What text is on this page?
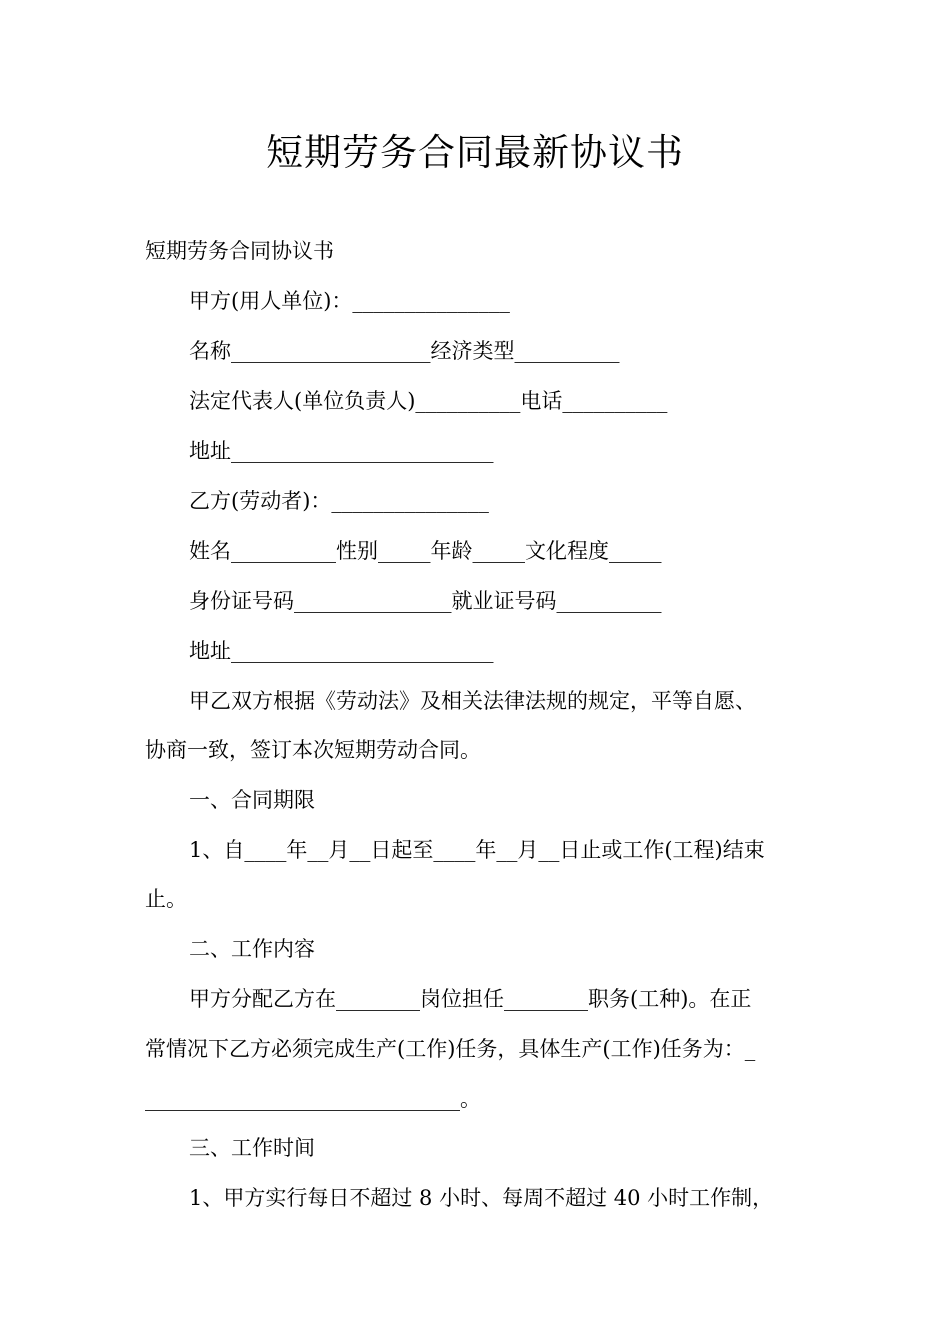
短期劳务合同最新协议书
短期劳务合同协议书
甲方(用人单位)：_______________
名称___________________经济类型__________
法定代表人(单位负责人)__________电话__________
地址_________________________
乙方(劳动者)：_______________
姓名__________性别_____年龄_____文化程度_____
身份证号码_______________就业证号码__________
地址_________________________
甲乙双方根据《劳动法》及相关法律法规的规定，平等自愿、
协商一致，签订本次短期劳动合同。
一、合同期限
1、自____年__月__日起至____年__月__日止或工作(工程)结束
止。
二、工作内容
甲方分配乙方在________岗位担任________职务(工种)。在正
常情况下乙方必须完成生产(工作)任务，具体生产(工作)任务为：_
______________________________。
三、工作时间
1、甲方实行每日不超过 8 小时、每周不超过 40 小时工作制，
